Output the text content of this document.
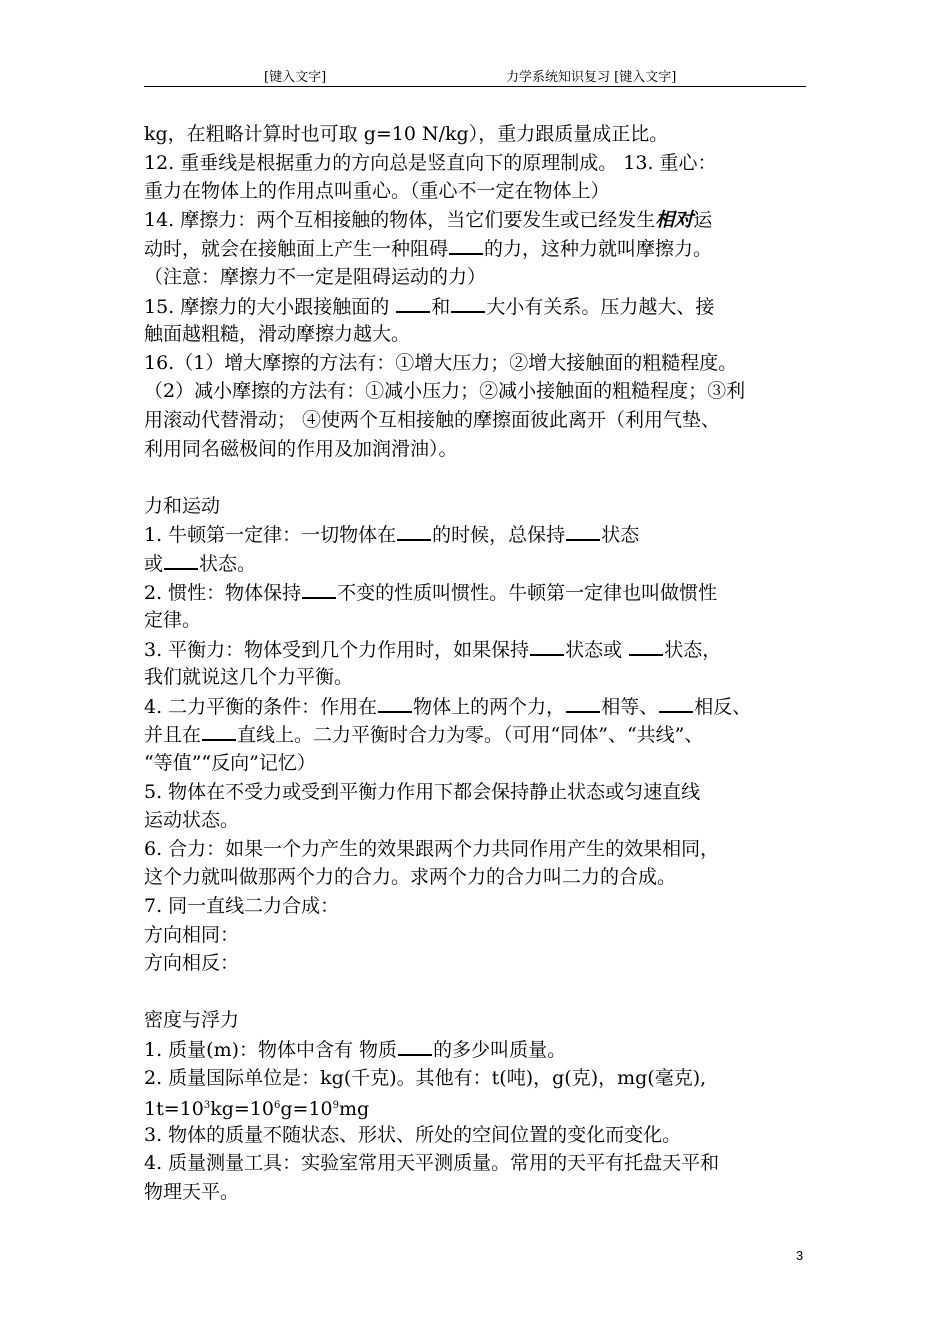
[键入文字]	力学系统知识复习 [键入文字]
kg，在粗略计算时也可取 g=10 N/kg），重力跟质量成正比。
12. 重垂线是根据重力的方向总是竖直向下的原理制成。 13. 重心：
重力在物体上的作用点叫重心。（重心不一定在物体上）
14. 摩擦力：两个互相接触的物体，当它们要发生或已经发生相对运
动时，就会在接触面上产生一种阻碍 的力，这种力就叫摩擦力。
（注意：摩擦力不一定是阻碍运动的力）
15. 摩擦力的大小跟接触面的 和 大小有关系。压力越大、接
触面越粗糙，滑动摩擦力越大。
16.（1）增大摩擦的方法有：①增大压力；②增大接触面的粗糙程度。
（2）减小摩擦的方法有：①减小压力；②减小接触面的粗糙程度；③利
用滚动代替滑动； ④使两个互相接触的摩擦面彼此离开（利用气垫、
利用同名磁极间的作用及加润滑油）。
力和运动
1. 牛顿第一定律：一切物体在 的时候，总保持 状态
或 状态。
2. 惯性：物体保持 不变的性质叫惯性。牛顿第一定律也叫做惯性
定律。
3. 平衡力：物体受到几个力作用时，如果保持 状态或 状态，
我们就说这几个力平衡。
4. 二力平衡的条件：作用在 物体上的两个力， 相等、 相反、
并且在 直线上。二力平衡时合力为零。（可用“同体”、“共线”、
“等值”“反向”记忆）
5. 物体在不受力或受到平衡力作用下都会保持静止状态或匀速直线
运动状态。
6. 合力：如果一个力产生的效果跟两个力共同作用产生的效果相同，
这个力就叫做那两个力的合力。求两个力的合力叫二力的合成。
7. 同一直线二力合成：
方向相同：
方向相反：
密度与浮力
1. 质量(m)：物体中含有 物质 的多少叫质量。
2. 质量国际单位是：kg(千克)。其他有：t(吨)，g(克)，mg(毫克),
$1t=10^3kg=10^6g=10^9mg$
3. 物体的质量不随状态、形状、所处的空间位置的变化而变化。
4. 质量测量工具：实验室常用天平测质量。常用的天平有托盘天平和
物理天平。
3
